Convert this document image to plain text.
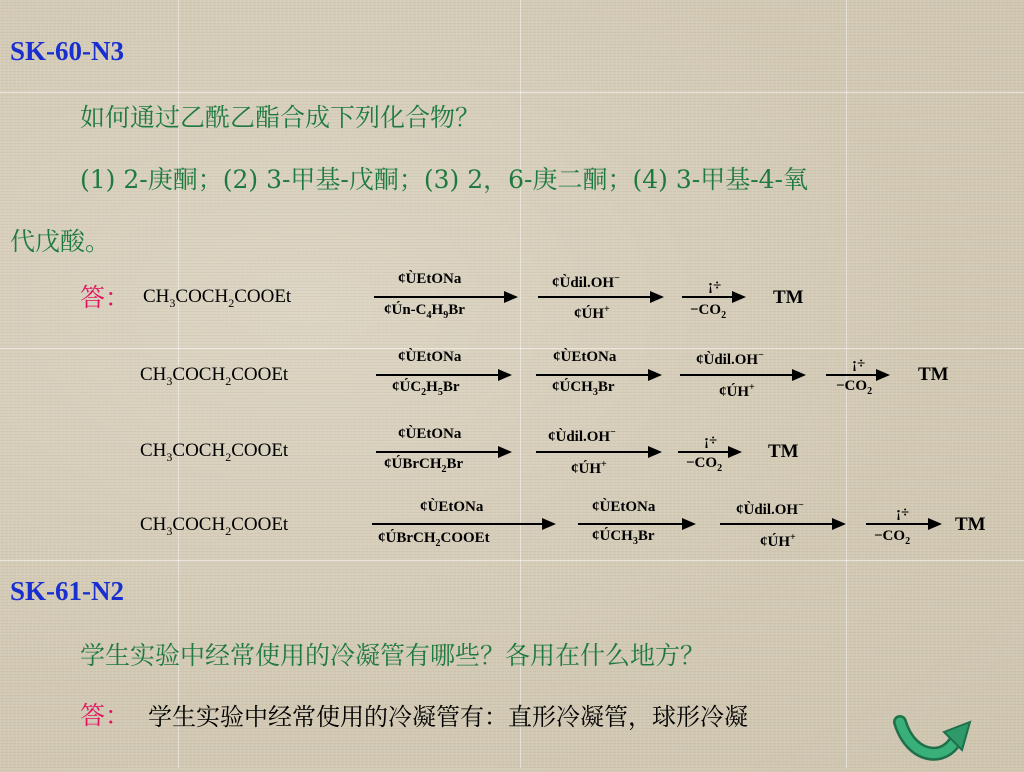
SK-60-N3
如何通过乙酰乙酯合成下列化合物？
(1) 2-庚酮；(2) 3-甲基-戊酮；(3) 2，6-庚二酮；(4) 3-甲基-4-氧
代戊酸。
答： $CH_3COCH_2COOEt$
¢ÙEtONa
$¢Ún-C_4H_9Br$
¢Ùdil.OH−
¢ÚH+
¡÷
$-CO_2$
TM
$CH_3COCH_2COOEt$
¢ÙEtONa
$¢ÚC_2H_5Br$
¢ÙEtONa
$¢ÚCH_3Br$
¢Ùdil.OH−
¢ÚH+
¡÷
$-CO_2$
TM
$CH_3COCH_2COOEt$
¢ÙEtONa
¢ÚBrCH$_2$Br
¢Ùdil.OH−
¢ÚH+
¡÷
$-CO_2$
TM
$CH_3COCH_2COOEt$
¢ÙEtONa
¢ÚBrCH$_2$COOEt
¢ÙEtONa
$¢ÚCH_3Br$
¢Ùdil.OH−
¢ÚH+
¡÷
$-CO_2$
TM
SK-61-N2
学生实验中经常使用的冷凝管有哪些？各用在什么地方？
答： 学生实验中经常使用的冷凝管有：直形冷凝管，球形冷凝
